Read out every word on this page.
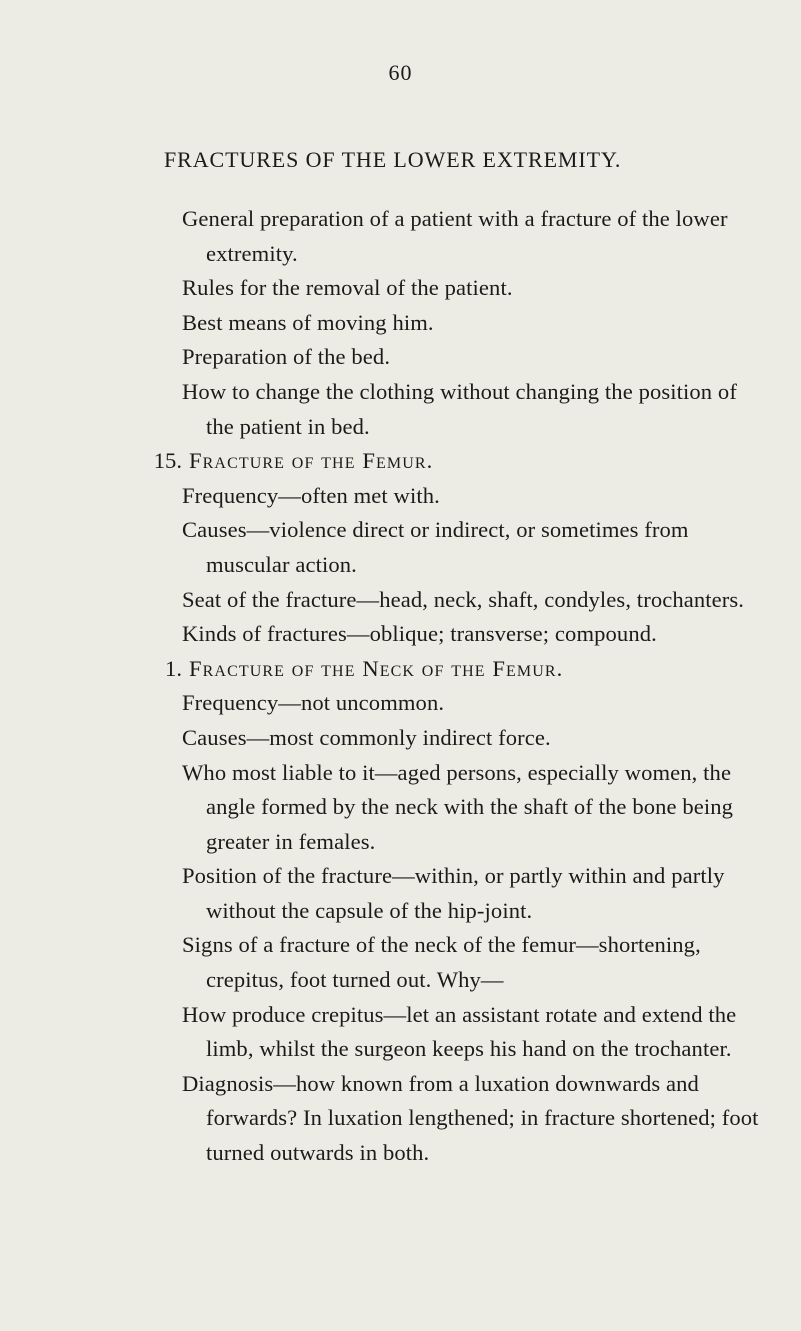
60
FRACTURES OF THE LOWER EXTREMITY.

General preparation of a patient with a fracture of the lower extremity.

Rules for the removal of the patient.

Best means of moving him.

Preparation of the bed.

How to change the clothing without changing the position of the patient in bed.

15. Fracture of the Femur.

Frequency—often met with.

Causes—violence direct or indirect, or sometimes from muscular action.

Seat of the fracture—head, neck, shaft, condyles, trochanters.

Kinds of fractures—oblique; transverse; compound.

1. Fracture of the Neck of the Femur.

Frequency—not uncommon.

Causes—most commonly indirect force.

Who most liable to it—aged persons, especially women, the angle formed by the neck with the shaft of the bone being greater in females.

Position of the fracture—within, or partly within and partly without the capsule of the hip-joint.

Signs of a fracture of the neck of the femur—shortening, crepitus, foot turned out. Why—

How produce crepitus—let an assistant rotate and extend the limb, whilst the surgeon keeps his hand on the trochanter.

Diagnosis—how known from a luxation downwards and forwards? In luxation lengthened; in fracture shortened; foot turned outwards in both.
